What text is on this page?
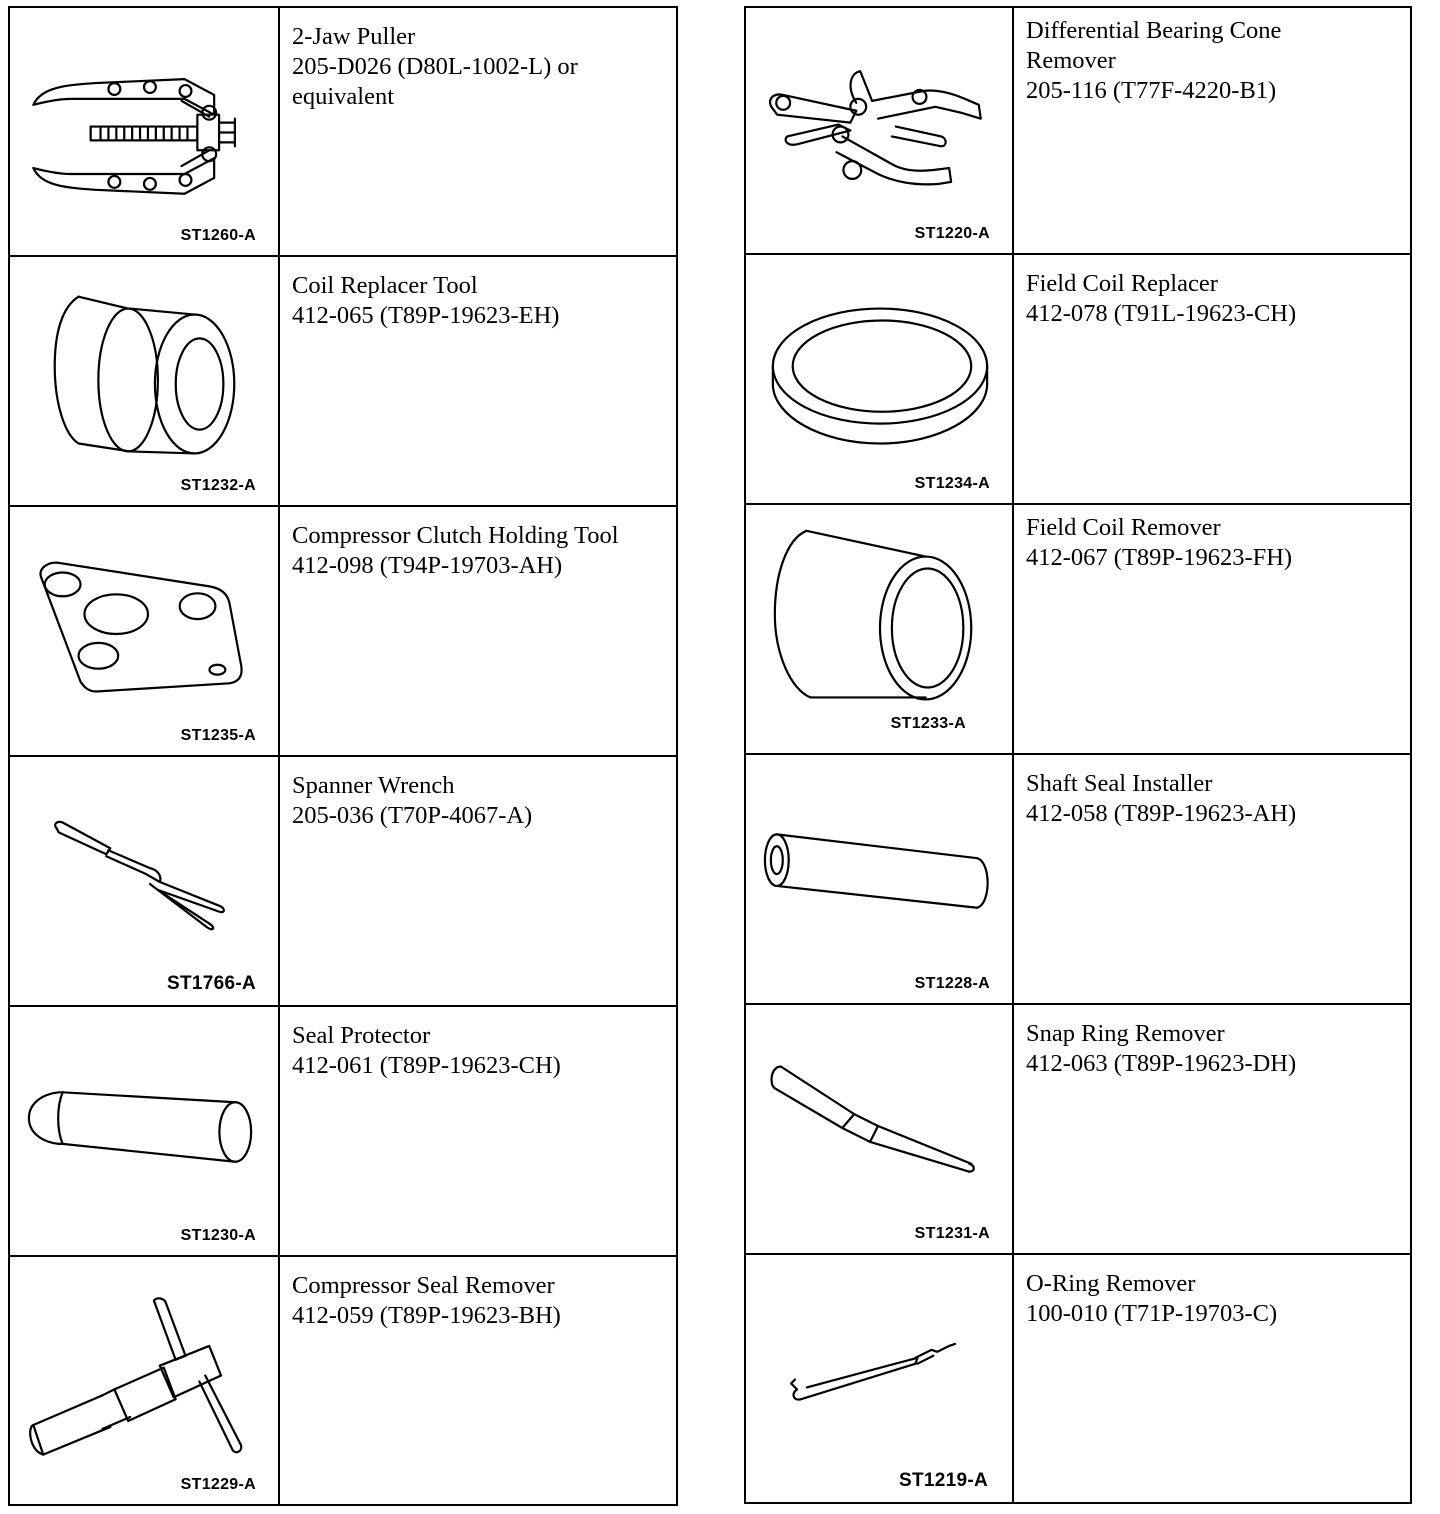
ST1260-A
2-Jaw Puller
205-D026 (D80L-1002-L) or
equivalent
ST1232-A
Coil Replacer Tool
412-065 (T89P-19623-EH)
ST1235-A
Compressor Clutch Holding Tool
412-098 (T94P-19703-AH)
ST1766-A
Spanner Wrench
205-036 (T70P-4067-A)
ST1230-A
Seal Protector
412-061 (T89P-19623-CH)
ST1229-A
Compressor Seal Remover
412-059 (T89P-19623-BH)
ST1220-A
Differential Bearing Cone
Remover
205-116 (T77F-4220-B1)
ST1234-A
Field Coil Replacer
412-078 (T91L-19623-CH)
ST1233-A
Field Coil Remover
412-067 (T89P-19623-FH)
ST1228-A
Shaft Seal Installer
412-058 (T89P-19623-AH)
ST1231-A
Snap Ring Remover
412-063 (T89P-19623-DH)
ST1219-A
O-Ring Remover
100-010 (T71P-19703-C)
